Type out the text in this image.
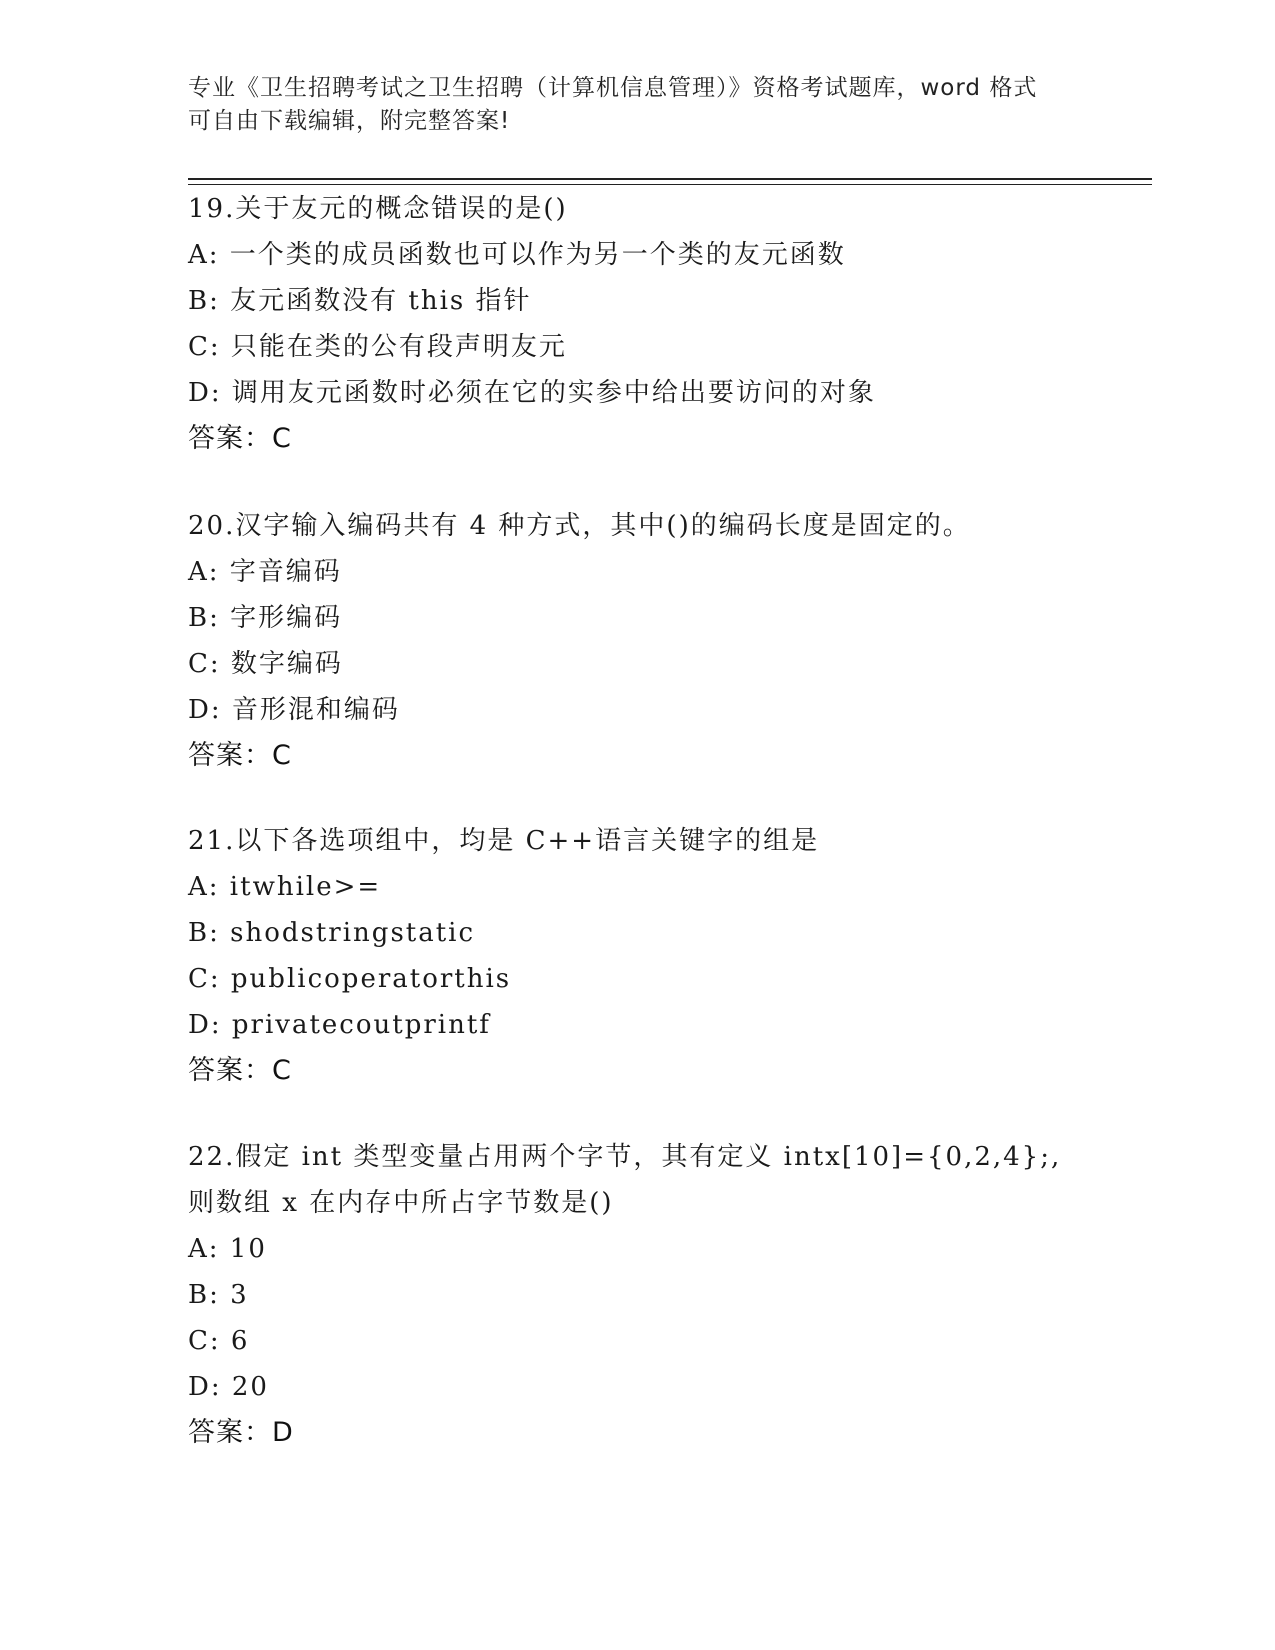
专业《卫生招聘考试之卫生招聘（计算机信息管理）》资格考试题库，word 格式
可自由下载编辑，附完整答案!
19.关于友元的概念错误的是()
A: 一个类的成员函数也可以作为另一个类的友元函数
B: 友元函数没有 this 指针
C: 只能在类的公有段声明友元
D: 调用友元函数时必须在它的实参中给出要访问的对象
答案：C
20.汉字输入编码共有 4 种方式，其中()的编码长度是固定的。
A: 字音编码
B: 字形编码
C: 数字编码
D: 音形混和编码
答案：C
21.以下各选项组中，均是 C++语言关键字的组是
A: itwhile>=
B: shodstringstatic
C: publicoperatorthis
D: privatecoutprintf
答案：C
22.假定 int 类型变量占用两个字节，其有定义 intx[10]={0,2,4};,
则数组 x 在内存中所占字节数是()
A: 10
B: 3
C: 6
D: 20
答案：D
